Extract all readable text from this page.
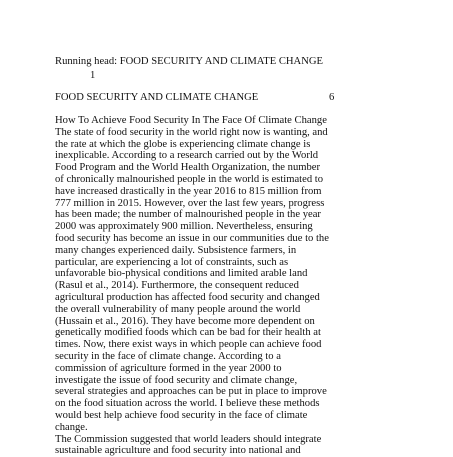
Running head: FOOD SECURITY AND CLIMATE CHANGE
1
FOOD SECURITY AND CLIMATE CHANGE	6
How To Achieve Food Security In The Face Of Climate Change
The state of food security in the world right now is wanting, and
the rate at which the globe is experiencing climate change is
inexplicable. According to a research carried out by the World
Food Program and the World Health Organization, the number
of chronically malnourished people in the world is estimated to
have increased drastically in the year 2016 to 815 million from
777 million in 2015. However, over the last few years, progress
has been made; the number of malnourished people in the year
2000 was approximately 900 million. Nevertheless, ensuring
food security has become an issue in our communities due to the
many changes experienced daily. Subsistence farmers, in
particular, are experiencing a lot of constraints, such as
unfavorable bio-physical conditions and limited arable land
(Rasul et al., 2014). Furthermore, the consequent reduced
agricultural production has affected food security and changed
the overall vulnerability of many people around the world
(Hussain et al., 2016). They have become more dependent on
genetically modified foods which can be bad for their health at
times. Now, there exist ways in which people can achieve food
security in the face of climate change. According to a
commission of agriculture formed in the year 2000 to
investigate the issue of food security and climate change,
several strategies and approaches can be put in place to improve
on the food situation across the world. I believe these methods
would best help achieve food security in the face of climate
change.
The Commission suggested that world leaders should integrate
sustainable agriculture and food security into national and
